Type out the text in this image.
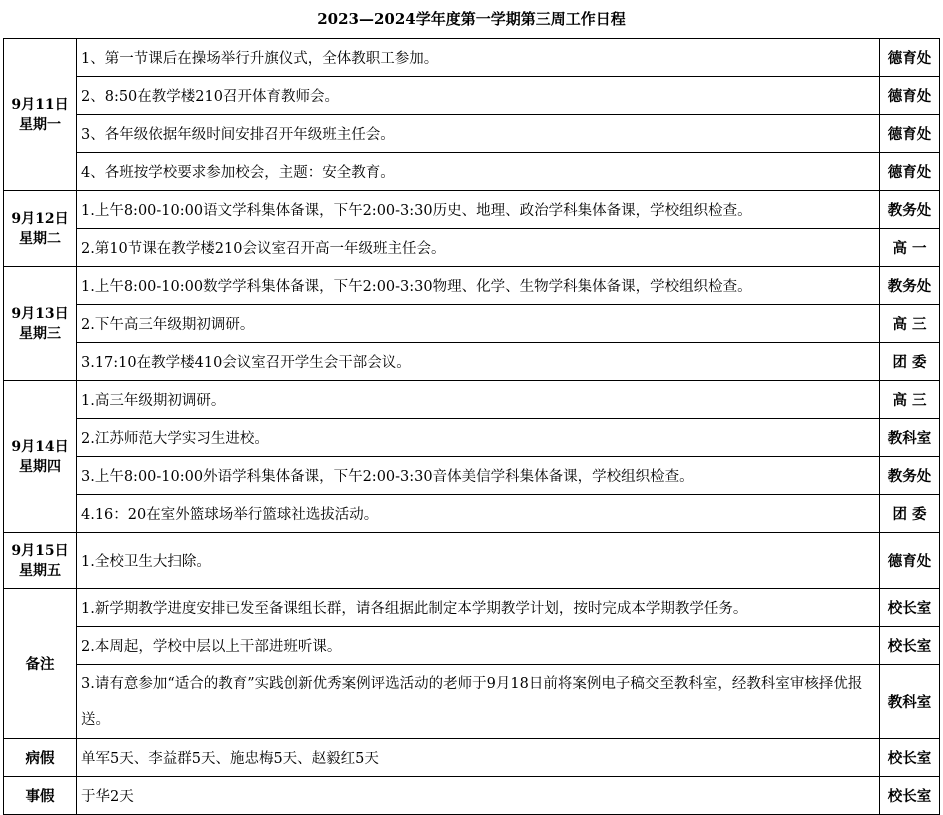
2023—2024学年度第一学期第三周工作日程
9月11日
星期一	1、第一节课后在操场举行升旗仪式，全体教职工参加。	德育处
	2、8:50在教学楼210召开体育教师会。	德育处
	3、各年级依据年级时间安排召开年级班主任会。	德育处
	4、各班按学校要求参加校会，主题：安全教育。	德育处

9月12日
星期二	1.上午8:00-10:00语文学科集体备课，下午2:00-3:30历史、地理、政治学科集体备课，学校组织检查。	教务处
	2.第10节课在教学楼210会议室召开高一年级班主任会。	高 一

9月13日
星期三	1.上午8:00-10:00数学学科集体备课，下午2:00-3:30物理、化学、生物学科集体备课，学校组织检查。	教务处
	2.下午高三年级期初调研。	高 三
	3.17:10在教学楼410会议室召开学生会干部会议。	团 委

9月14日
星期四	1.高三年级期初调研。	高 三
	2.江苏师范大学实习生进校。	教科室
	3.上午8:00-10:00外语学科集体备课，下午2:00-3:30音体美信学科集体备课，学校组织检查。	教务处
	4.16：20在室外篮球场举行篮球社选拔活动。	团 委

9月15日
星期五	1.全校卫生大扫除。	德育处
备注	1.新学期教学进度安排已发至备课组长群，请各组据此制定本学期教学计划，按时完成本学期教学任务。	校长室
	2.本周起，学校中层以上干部进班听课。	校长室
	3.请有意参加“适合的教育”实践创新优秀案例评选活动的老师于9月18日前将案例电子稿交至教科室，经教科室审核择优报送。	教科室
病假	单军5天、李益群5天、施忠梅5天、赵毅红5天	校长室
事假	于华2天	校长室
